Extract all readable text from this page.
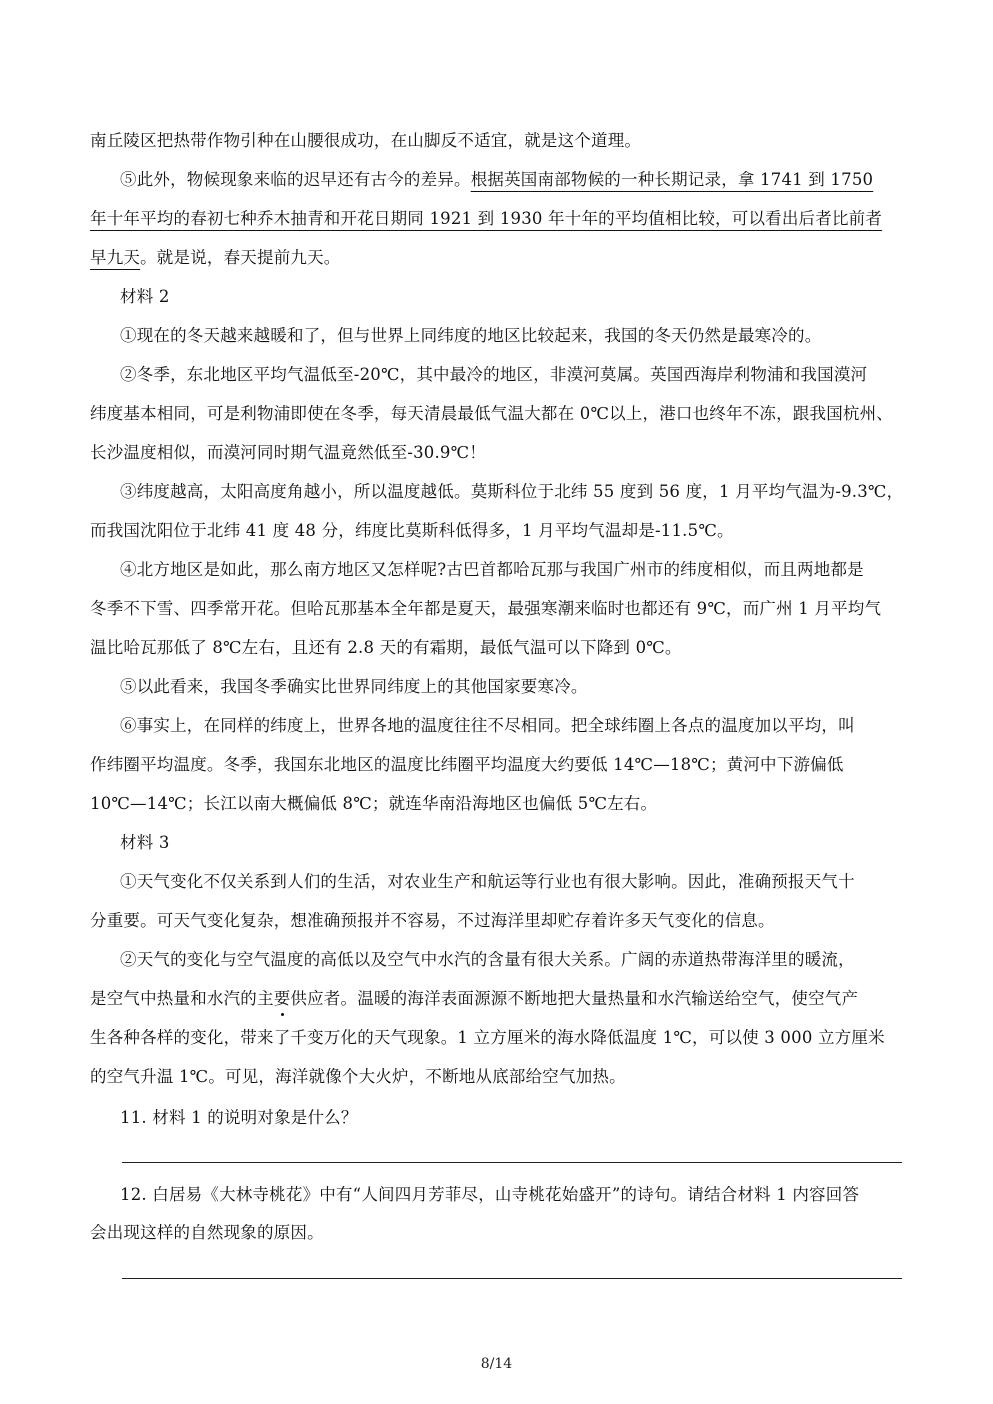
南丘陵区把热带作物引种在山腰很成功，在山脚反不适宜，就是这个道理。
⑤此外，物候现象来临的迟早还有古今的差异。根据英国南部物候的一种长期记录，拿 1741 到 1750
年十年平均的春初七种乔木抽青和开花日期同 1921 到 1930 年十年的平均值相比较，可以看出后者比前者
早九天。就是说，春天提前九天。
材料 2
①现在的冬天越来越暖和了，但与世界上同纬度的地区比较起来，我国的冬天仍然是最寒冷的。
②冬季，东北地区平均气温低至-20℃，其中最冷的地区，非漠河莫属。英国西海岸利物浦和我国漠河
纬度基本相同，可是利物浦即使在冬季，每天清晨最低气温大都在 0℃以上，港口也终年不冻，跟我国杭州、
长沙温度相似，而漠河同时期气温竟然低至-30.9℃！
③纬度越高，太阳高度角越小，所以温度越低。莫斯科位于北纬 55 度到 56 度，1 月平均气温为-9.3℃，
而我国沈阳位于北纬 41 度 48 分，纬度比莫斯科低得多，1 月平均气温却是-11.5℃。
④北方地区是如此，那么南方地区又怎样呢?古巴首都哈瓦那与我国广州市的纬度相似，而且两地都是
冬季不下雪、四季常开花。但哈瓦那基本全年都是夏天，最强寒潮来临时也都还有 9℃，而广州 1 月平均气
温比哈瓦那低了 8℃左右，且还有 2.8 天的有霜期，最低气温可以下降到 0℃。
⑤以此看来，我国冬季确实比世界同纬度上的其他国家要寒冷。
⑥事实上，在同样的纬度上，世界各地的温度往往不尽相同。把全球纬圈上各点的温度加以平均，叫
作纬圈平均温度。冬季，我国东北地区的温度比纬圈平均温度大约要低 14℃—18℃；黄河中下游偏低
10℃—14℃；长江以南大概偏低 8℃；就连华南沿海地区也偏低 5℃左右。
材料 3
①天气变化不仅关系到人们的生活，对农业生产和航运等行业也有很大影响。因此，准确预报天气十
分重要。可天气变化复杂，想准确预报并不容易，不过海洋里却贮存着许多天气变化的信息。
②天气的变化与空气温度的高低以及空气中水汽的含量有很大关系。广阔的赤道热带海洋里的暖流，
是空气中热量和水汽的主要供应者。温暖的海洋表面源源不断地把大量热量和水汽输送给空气，使空气产
生各种各样的变化，带来了千变万化的天气现象。1 立方厘米的海水降低温度 1℃，可以使 3 000 立方厘米
的空气升温 1℃。可见，海洋就像个大火炉，不断地从底部给空气加热。
11. 材料 1 的说明对象是什么？
12. 白居易《大林寺桃花》中有“人间四月芳菲尽，山寺桃花始盛开”的诗句。请结合材料 1 内容回答
会出现这样的自然现象的原因。
8/14
